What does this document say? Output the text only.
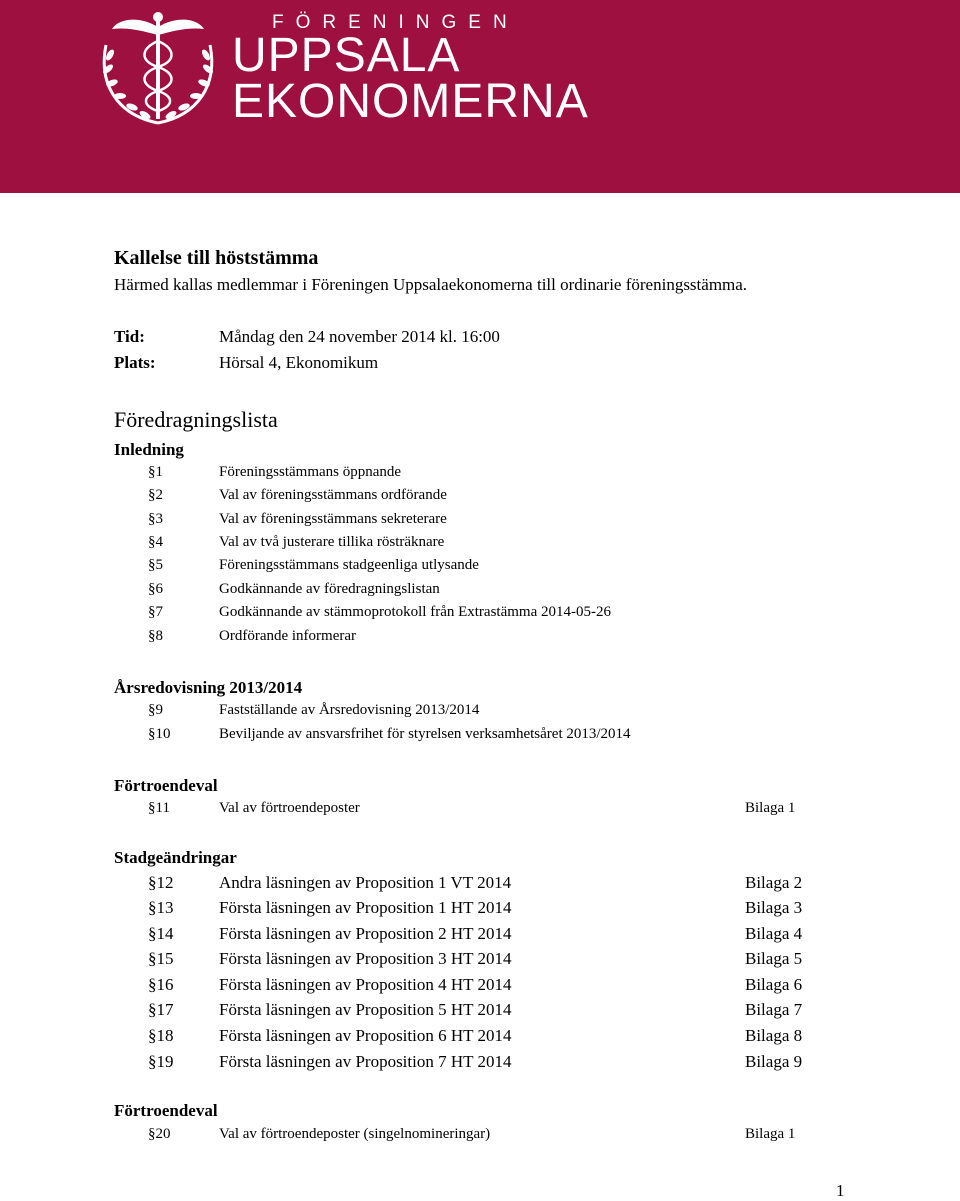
FÖRENINGEN
UPPSALA
EKONOMERNA
Kallelse till höststämma
Härmed kallas medlemmar i Föreningen Uppsalaekonomerna till ordinarie föreningsstämma.
Tid:	Måndag den 24 november 2014 kl. 16:00
Plats:	Hörsal 4, Ekonomikum
Föredragningslista
Inledning
§1	Föreningsstämmans öppnande
§2	Val av föreningsstämmans ordförande
§3	Val av föreningsstämmans sekreterare
§4	Val av två justerare tillika rösträknare
§5	Föreningsstämmans stadgeenliga utlysande
§6	Godkännande av föredragningslistan
§7	Godkännande av stämmoprotokoll från Extrastämma 2014-05-26
§8	Ordförande informerar
Årsredovisning 2013/2014
§9	Fastställande av Årsredovisning 2013/2014
§10	Beviljande av ansvarsfrihet för styrelsen verksamhetsåret 2013/2014
Förtroendeval
§11	Val av förtroendeposter	Bilaga 1
Stadgeändringar
§12	Andra läsningen av Proposition 1 VT 2014	Bilaga 2
§13	Första läsningen av Proposition 1 HT 2014	Bilaga 3
§14	Första läsningen av Proposition 2 HT 2014	Bilaga 4
§15	Första läsningen av Proposition 3 HT 2014	Bilaga 5
§16	Första läsningen av Proposition 4 HT 2014	Bilaga 6
§17	Första läsningen av Proposition 5 HT 2014	Bilaga 7
§18	Första läsningen av Proposition 6 HT 2014	Bilaga 8
§19	Första läsningen av Proposition 7 HT 2014	Bilaga 9
Förtroendeval
§20	Val av förtroendeposter (singelnomineringar)	Bilaga 1
1
